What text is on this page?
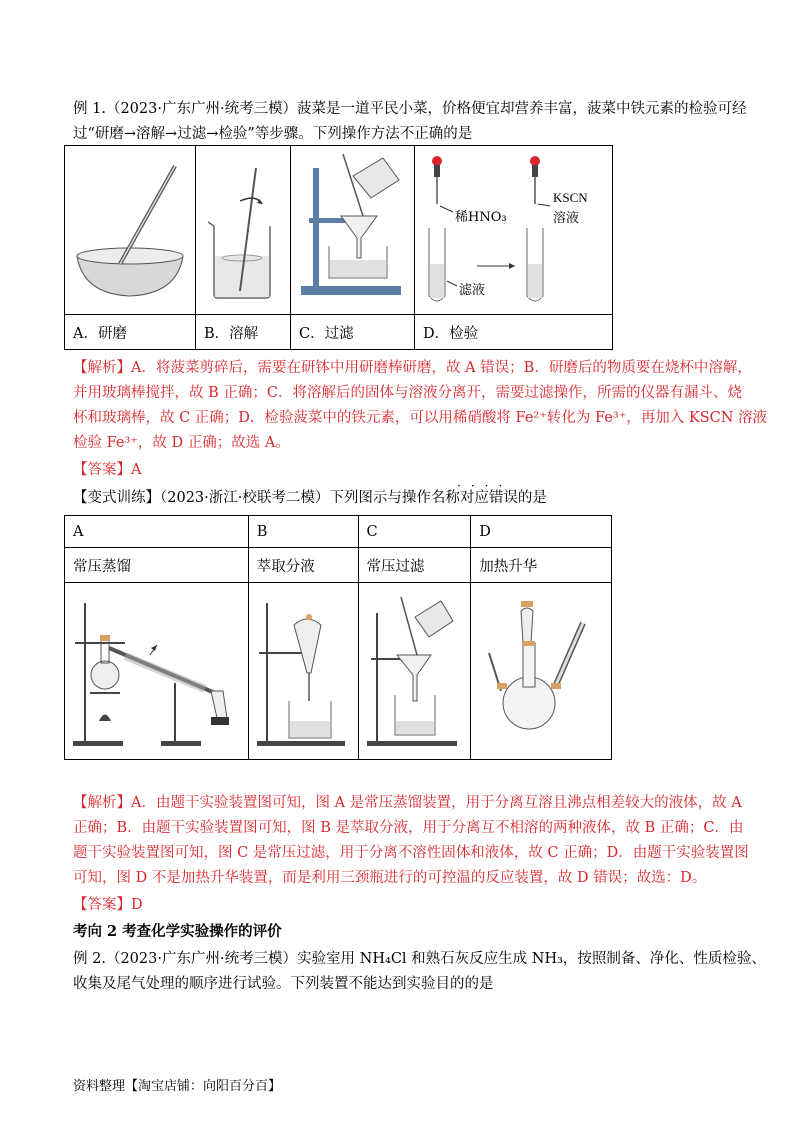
例 1.（2023·广东广州·统考三模）菠菜是一道平民小菜，价格便宜却营养丰富，菠菜中铁元素的检验可经
过“研磨→溶解→过滤→检验”等步骤。下列操作方法不正确的是

稀HNO₃
KSCN
溶液
滤液

A．研磨	B．溶解	C．过滤	D．检验
【解析】A．将菠菜剪碎后，需要在研钵中用研磨棒研磨，故 A 错误；B．研磨后的物质要在烧杯中溶解，
并用玻璃棒搅拌，故 B 正确；C．将溶解后的固体与溶液分离开，需要过滤操作，所需的仪器有漏斗、烧
杯和玻璃棒，故 C 正确；D．检验菠菜中的铁元素，可以用稀硝酸将 Fe²⁺转化为 Fe³⁺，再加入 KSCN 溶液
检验 Fe³⁺，故 D 正确；故选 A。
【答案】A
····
【变式训练】（2023·浙江·校联考二模）下列图示与操作名称对应错误的是
A	B	C	D
常压蒸馏	萃取分液	常压过滤	加热升华

【解析】A．由题干实验装置图可知，图 A 是常压蒸馏装置，用于分离互溶且沸点相差较大的液体，故 A
正确；B．由题干实验装置图可知，图 B 是萃取分液，用于分离互不相溶的两种液体，故 B 正确；C．由
题干实验装置图可知，图 C 是常压过滤，用于分离不溶性固体和液体，故 C 正确；D．由题干实验装置图
可知，图 D 不是加热升华装置，而是利用三颈瓶进行的可控温的反应装置，故 D 错误；故选：D。
【答案】D
考向 2 考查化学实验操作的评价
例 2.（2023·广东广州·统考三模）实验室用 NH₄Cl 和熟石灰反应生成 NH₃，按照制备、净化、性质检验、
收集及尾气处理的顺序进行试验。下列装置不能达到实验目的的是
资料整理【淘宝店铺：向阳百分百】
